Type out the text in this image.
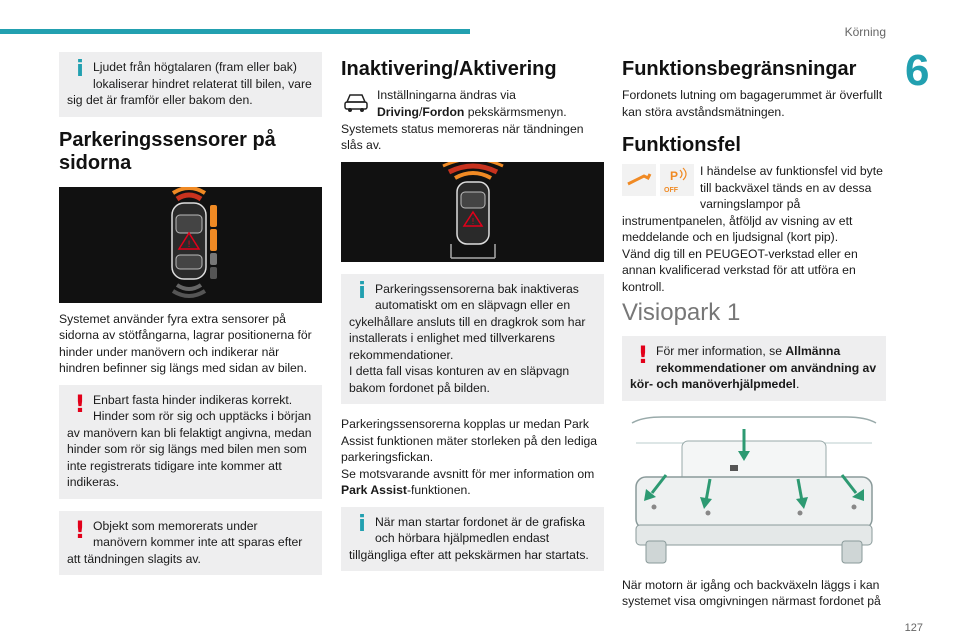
Körning
6
127
i Ljudet från högtalaren (fram eller bak) lokaliserar hindret relaterat till bilen, vare sig det är framför eller bakom den.
Parkeringssensorer på sidorna
!

Systemet använder fyra extra sensorer på sidorna av stötfångarna, lagrar positionerna för hinder under manövern och indikerar när hindren befinner sig längs med sidan av bilen.

! Enbart fasta hinder indikeras korrekt. Hinder som rör sig och upptäcks i början av manövern kan bli felaktigt angivna, medan hinder som rör sig längs med bilen men som inte registrerats tidigare inte kommer att indikeras.
! Objekt som memorerats under manövern kommer inte att sparas efter att tändningen slagits av.
Inaktivering/Aktivering

Inställningarna ändras via Driving/Fordon pekskärmsmenyn.

Systemets status memoreras när tändningen slås av.

!
i Parkeringssensorerna bak inaktiveras automatiskt om en släpvagn eller en cykelhållare ansluts till en dragkrok som har installerats i enlighet med tillverkarens rekommendationer.
I detta fall visas konturen av en släpvagn bakom fordonet på bilden.

Parkeringssensorerna kopplas ur medan Park Assist funktionen mäter storleken på den lediga parkeringsfickan.
Se motsvarande avsnitt för mer information om Park Assist-funktionen.

i När man startar fordonet är de grafiska och hörbara hjälpmedlen endast tillgängliga efter att pekskärmen har startats.
Funktionsbegränsningar

Fordonets lutning om bagagerummet är överfullt kan störa avståndsmätningen.

Funktionsfel

P
OFF
I händelse av funktionsfel vid byte till backväxel tänds en av dessa varningslampor på instrumentpanelen, åtföljd av visning av ett meddelande och en ljudsignal (kort pip).

Vänd dig till en PEUGEOT-verkstad eller en annan kvalificerad verkstad för att utföra en kontroll.

Visiopark 1
! För mer information, se Allmänna rekommendationer om användning av kör- och manöverhjälpmedel.

När motorn är igång och backväxeln läggs i kan systemet visa omgivningen närmast fordonet på
